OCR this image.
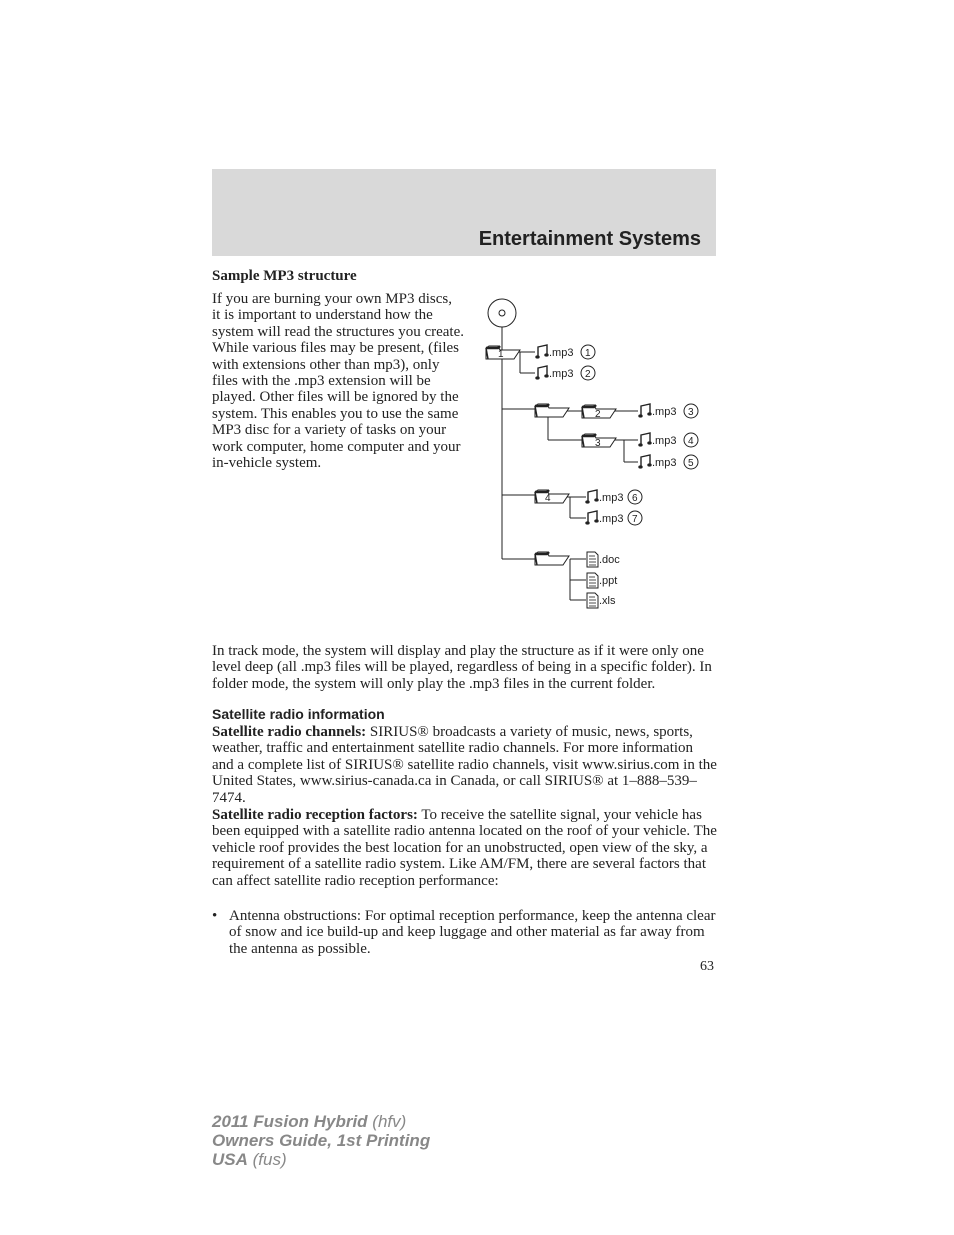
Entertainment Systems
Sample MP3 structure

If you are burning your own MP3 discs, it is important to understand how the system will read the structures you create. While various files may be present, (files with extensions other than mp3), only files with the .mp3 extension will be played. Other files will be ignored by the system. This enables you to use the same MP3 disc for a variety of tasks on your work computer, home computer and your in-vehicle system.

1
2
3
4
.mp3 1
.mp3 2
.mp3 3
.mp3 4
.mp3 5
.mp3 6
.mp3 7
.doc
.ppt
.xls

In track mode, the system will display and play the structure as if it were only one level deep (all .mp3 files will be played, regardless of being in a specific folder). In folder mode, the system will only play the .mp3 files in the current folder.

Satellite radio information

Satellite radio channels: SIRIUS® broadcasts a variety of music, news, sports, weather, traffic and entertainment satellite radio channels. For more information and a complete list of SIRIUS® satellite radio channels, visit www.sirius.com in the United States, www.sirius-canada.ca in Canada, or call SIRIUS® at 1–888–539–7474.

Satellite radio reception factors: To receive the satellite signal, your vehicle has been equipped with a satellite radio antenna located on the roof of your vehicle. The vehicle roof provides the best location for an unobstructed, open view of the sky, a requirement of a satellite radio system. Like AM/FM, there are several factors that can affect satellite radio reception performance:

• Antenna obstructions: For optimal reception performance, keep the antenna clear of snow and ice build-up and keep luggage and other material as far away from the antenna as possible.
63
2011 Fusion Hybrid (hfv)
Owners Guide, 1st Printing
USA (fus)
